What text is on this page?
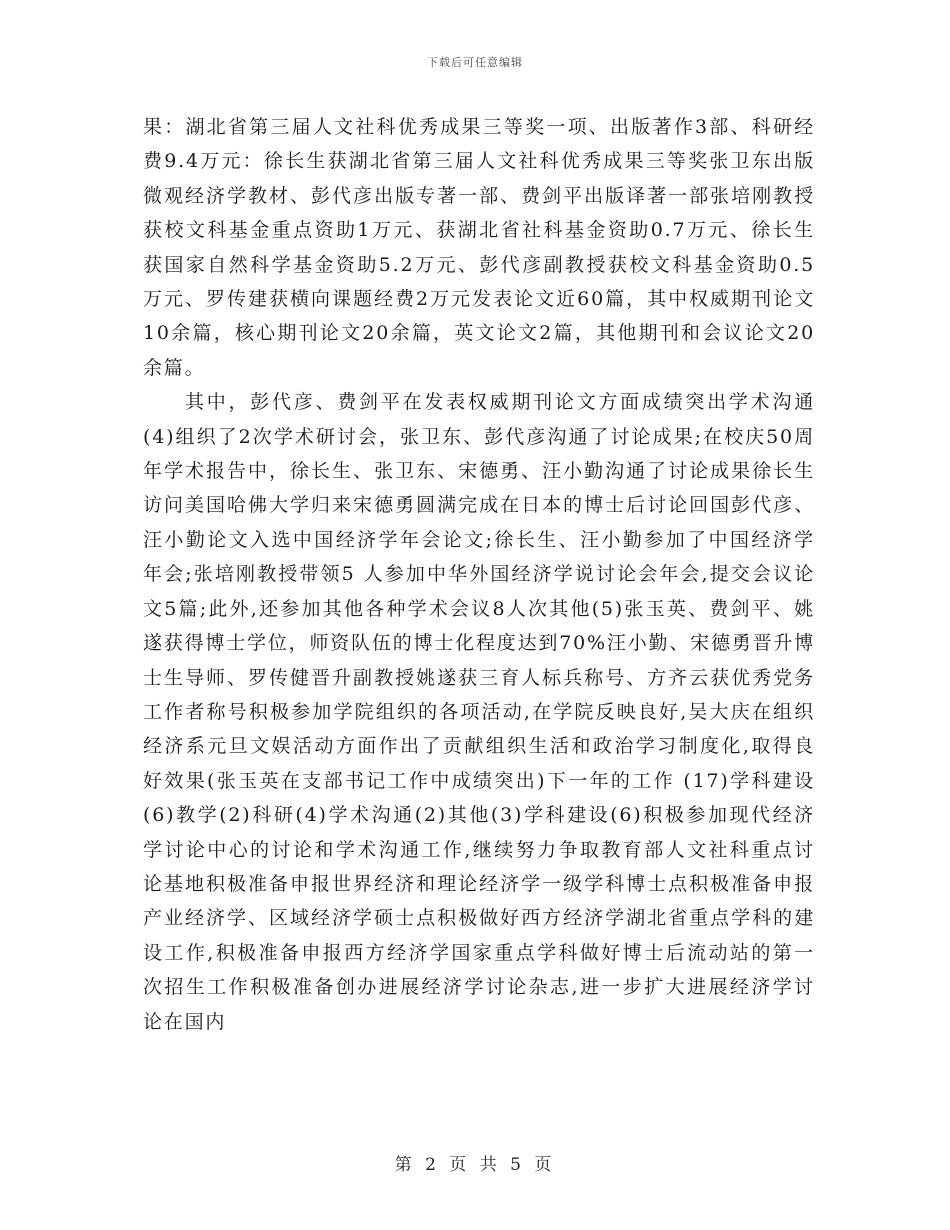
下载后可任意编辑

果：湖北省第三届人文社科优秀成果三等奖一项、出版著作3部、科研经费9.4万元：徐长生获湖北省第三届人文社科优秀成果三等奖张卫东出版微观经济学教材、彭代彦出版专著一部、费剑平出版译著一部张培刚教授获校文科基金重点资助1万元、获湖北省社科基金资助0.7万元、徐长生获国家自然科学基金资助5.2万元、彭代彦副教授获校文科基金资助0.5万元、罗传建获横向课题经费2万元发表论文近60篇，其中权威期刊论文10余篇，核心期刊论文20余篇，英文论文2篇，其他期刊和会议论文20余篇。

其中，彭代彦、费剑平在发表权威期刊论文方面成绩突出学术沟通(4)组织了2次学术研讨会，张卫东、彭代彦沟通了讨论成果;在校庆50周年学术报告中，徐长生、张卫东、宋德勇、汪小勤沟通了讨论成果徐长生访问美国哈佛大学归来宋德勇圆满完成在日本的博士后讨论回国彭代彦、汪小勤论文入选中国经济学年会论文;徐长生、汪小勤参加了中国经济学年会;张培刚教授带领5 人参加中华外国经济学说讨论会年会,提交会议论文5篇;此外,还参加其他各种学术会议8人次其他(5)张玉英、费剑平、姚遂获得博士学位，师资队伍的博士化程度达到70%汪小勤、宋德勇晋升博士生导师、罗传健晋升副教授姚遂获三育人标兵称号、方齐云获优秀党务工作者称号积极参加学院组织的各项活动,在学院反映良好,吴大庆在组织经济系元旦文娱活动方面作出了贡献组织生活和政治学习制度化,取得良好效果(张玉英在支部书记工作中成绩突出)下一年的工作 (17)学科建设(6)教学(2)科研(4)学术沟通(2)其他(3)学科建设(6)积极参加现代经济学讨论中心的讨论和学术沟通工作,继续努力争取教育部人文社科重点讨论基地积极准备申报世界经济和理论经济学一级学科博士点积极准备申报产业经济学、区域经济学硕士点积极做好西方经济学湖北省重点学科的建设工作,积极准备申报西方经济学国家重点学科做好博士后流动站的第一次招生工作积极准备创办进展经济学讨论杂志,进一步扩大进展经济学讨论在国内

第 2 页 共 5 页
